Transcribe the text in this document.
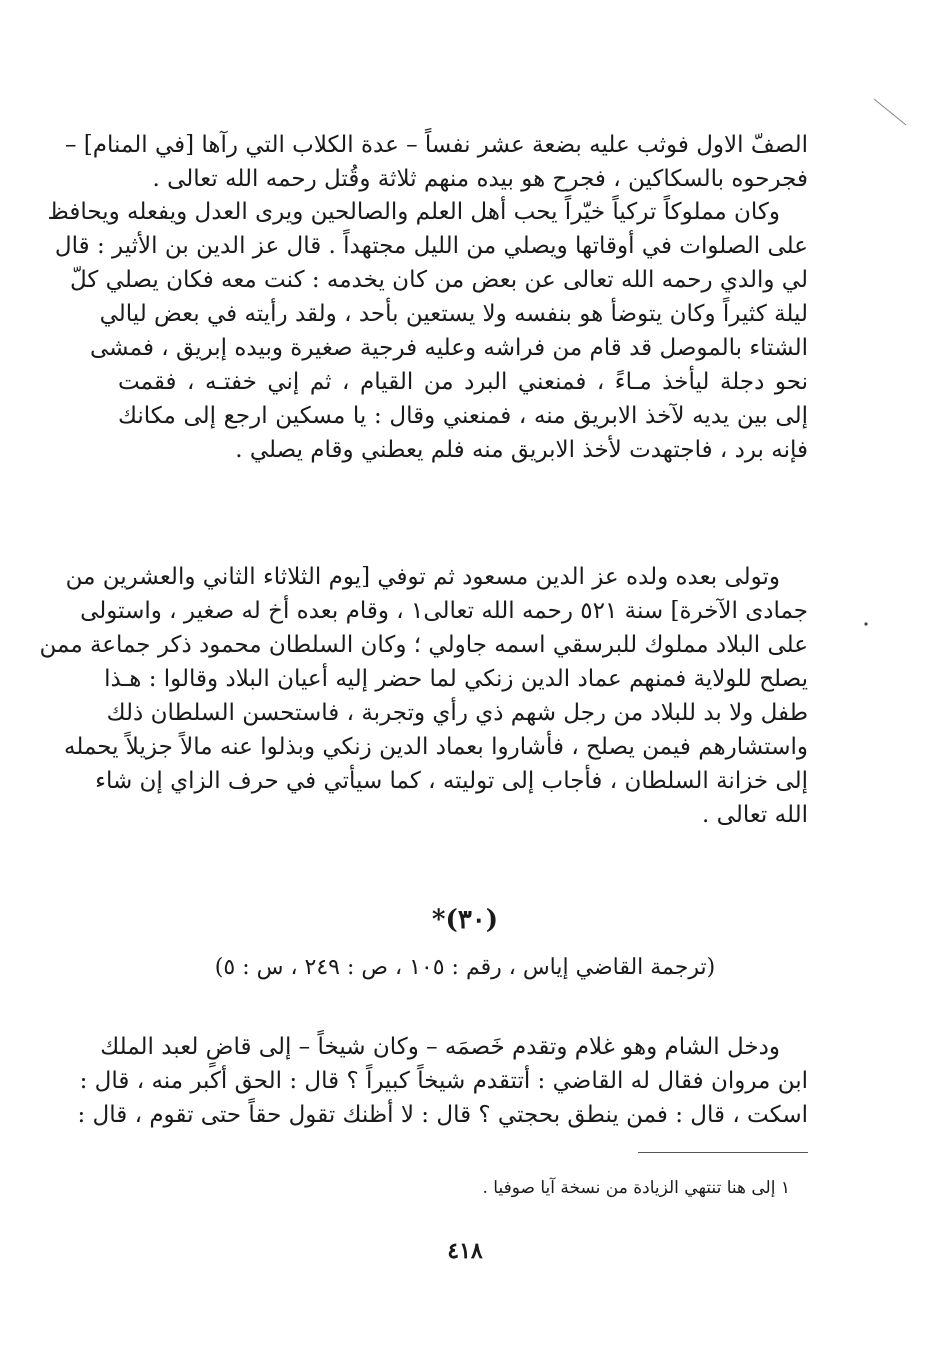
الصفّ الاول فوثب عليه بضعة عشر نفساً – عدة الكلاب التي رآها [في المنام] –
فجرحوه بالسكاكين ، فجرح هو بيده منهم ثلاثة وقُتل رحمه الله تعالى .
وكان مملوكاً تركياً خيّراً يحب أهل العلم والصالحين ويرى العدل ويفعله ويحافظ
على الصلوات في أوقاتها ويصلي من الليل مجتهداً . قال عز الدين بن الأثير : قال
لي والدي رحمه الله تعالى عن بعض من كان يخدمه : كنت معه فكان يصلي كلّ
ليلة كثيراً وكان يتوضأ هو بنفسه ولا يستعين بأحد ، ولقد رأيته في بعض ليالي
الشتاء بالموصل قد قام من فراشه وعليه فرجية صغيرة وبيده إبريق ، فمشى
نحو دجلة ليأخذ مـاءً ، فمنعني البرد من القيام ، ثم إني خفتـه ، فقمت
إلى بين يديه لآخذ الابريق منه ، فمنعني وقال : يا مسكين ارجع إلى مكانك
فإنه برد ، فاجتهدت لأخذ الابريق منه فلم يعطني وقام يصلي .
وتولى بعده ولده عز الدين مسعود ثم توفي [يوم الثلاثاء الثاني والعشرين من
جمادى الآخرة] سنة ٥٢١ رحمه الله تعالى١ ، وقام بعده أخ له صغير ، واستولى
على البلاد مملوك للبرسقي اسمه جاولي ؛ وكان السلطان محمود ذكر جماعة ممن
يصلح للولاية فمنهم عماد الدين زنكي لما حضر إليه أعيان البلاد وقالوا : هـذا
طفل ولا بد للبلاد من رجل شهم ذي رأي وتجربة ، فاستحسن السلطان ذلك
واستشارهم فيمن يصلح ، فأشاروا بعماد الدين زنكي وبذلوا عنه مالاً جزيلاً يحمله
إلى خزانة السلطان ، فأجاب إلى توليته ، كما سيأتي في حرف الزاي إن شاء
الله تعالى .
(٣٠)*
(ترجمة القاضي إياس ، رقم : ١٠٥ ، ص : ٢٤٩ ، س : ٥)
ودخل الشام وهو غلام وتقدم خَصمَه – وكان شيخاً – إلى قاضٍ لعبد الملك
ابن مروان فقال له القاضي : أتتقدم شيخاً كبيراً ؟ قال : الحق أكبر منه ، قال :
اسكت ، قال : فمن ينطق بحجتي ؟ قال : لا أظنك تقول حقاً حتى تقوم ، قال :
١ إلى هنا تنتهي الزيادة من نسخة آيا صوفيا .
٤١٨
